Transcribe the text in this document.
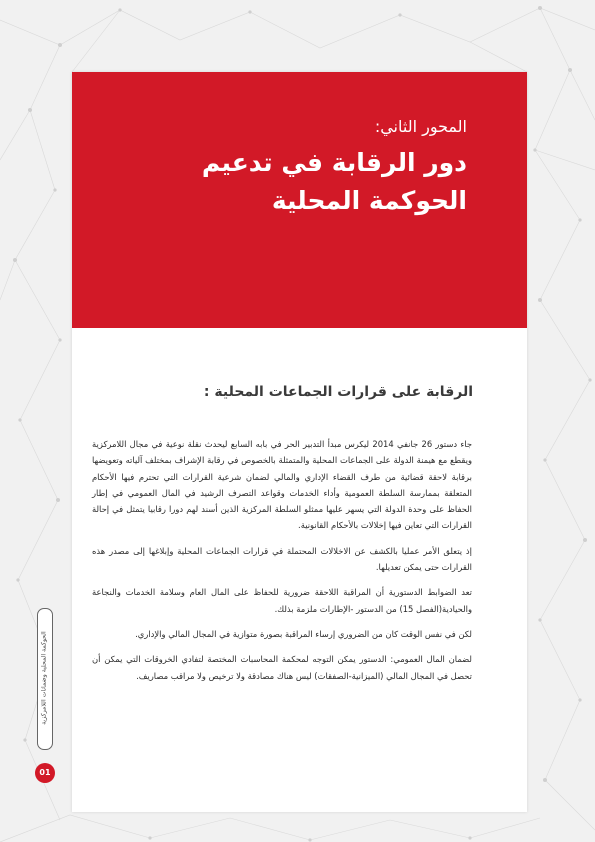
المحور الثاني:
دور الرقابة في تدعيم
الحوكمة المحلية
الرقابة على قرارات الجماعات المحلية :

جاء دستور 26 جانفي 2014 ليكرس مبدأ التدبير الحر في بابه السابع ليحدث نقلة نوعية في مجال اللامركزية ويقطع مع هيمنة الدولة على الجماعات المحلية والمتمثلة بالخصوص في رقابة الإشراف بمختلف آلياته وتعويضها برقابة لاحقة قضائية من طرف القضاء الإداري والمالي لضمان شرعية القرارات التي تحترم فيها الأحكام المتعلقة بممارسة السلطة العمومية وأداء الخدمات وقواعد التصرف الرشيد في المال العمومي في إطار الحفاظ على وحدة الدولة التي يسهر عليها ممثلو السلطة المركزية الذين أسند لهم دورا رقابيا يتمثل في إحالة القرارات التي تعاين فيها إخلالات بالأحكام القانونية.

إذ يتعلق الأمر عمليا بالكشف عن الاخلالات المحتملة في قرارات الجماعات المحلية وإبلاغها إلى مصدر هذه القرارات حتى يمكن تعديلها.

تعد الضوابط الدستورية أن المراقبة اللاحقة ضرورية للحفاظ على المال العام وسلامة الخدمات والنجاعة والحيادية(الفصل 15) من الدستور -الإطارات ملزمة بذلك.

لكن في نفس الوقت كان من الضروري إرساء المراقبة بصورة متوازية في المجال المالي والإداري.

لضمان المال العمومي: الدستور يمكن التوجه لمحكمة المحاسبات المختصة لتفادي الخروقات التي يمكن أن تحصل في المجال المالي (الميزانية-الصفقات) ليس هناك مصادقة ولا ترخيص ولا مراقب مصاريف.

الحوكمة المحلية وضمانات اللامركزية
01
